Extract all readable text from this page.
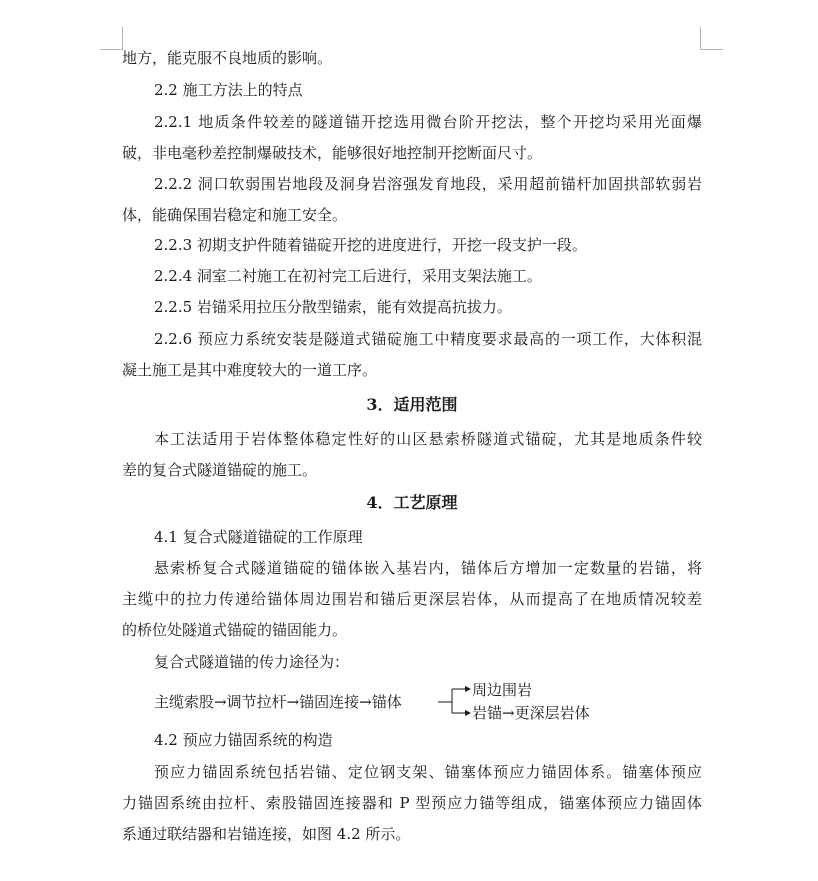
地方，能克服不良地质的影响。
2.2 施工方法上的特点
2.2.1 地质条件较差的隧道锚开挖选用微台阶开挖法，整个开挖均采用光面爆
破，非电毫秒差控制爆破技术，能够很好地控制开挖断面尺寸。
2.2.2 洞口软弱围岩地段及洞身岩溶强发育地段，采用超前锚杆加固拱部软弱岩
体，能确保围岩稳定和施工安全。
2.2.3 初期支护件随着锚碇开挖的进度进行，开挖一段支护一段。
2.2.4 洞室二衬施工在初衬完工后进行，采用支架法施工。
2.2.5 岩锚采用拉压分散型锚索，能有效提高抗拔力。
2.2.6 预应力系统安装是隧道式锚碇施工中精度要求最高的一项工作，大体积混
凝土施工是其中难度较大的一道工序。
3．适用范围
本工法适用于岩体整体稳定性好的山区悬索桥隧道式锚碇，尤其是地质条件较
差的复合式隧道锚碇的施工。
4．工艺原理
4.1 复合式隧道锚碇的工作原理
悬索桥复合式隧道锚碇的锚体嵌入基岩内，锚体后方增加一定数量的岩锚，将
主缆中的拉力传递给锚体周边围岩和锚后更深层岩体，从而提高了在地质情况较差
的桥位处隧道式锚碇的锚固能力。
复合式隧道锚的传力途径为：
主缆索股→调节拉杆→锚固连接→锚体
周边围岩
岩锚→更深层岩体
4.2 预应力锚固系统的构造
预应力锚固系统包括岩锚、定位钢支架、锚塞体预应力锚固体系。锚塞体预应
力锚固系统由拉杆、索股锚固连接器和 P 型预应力锚等组成，锚塞体预应力锚固体
系通过联结器和岩锚连接，如图 4.2 所示。
